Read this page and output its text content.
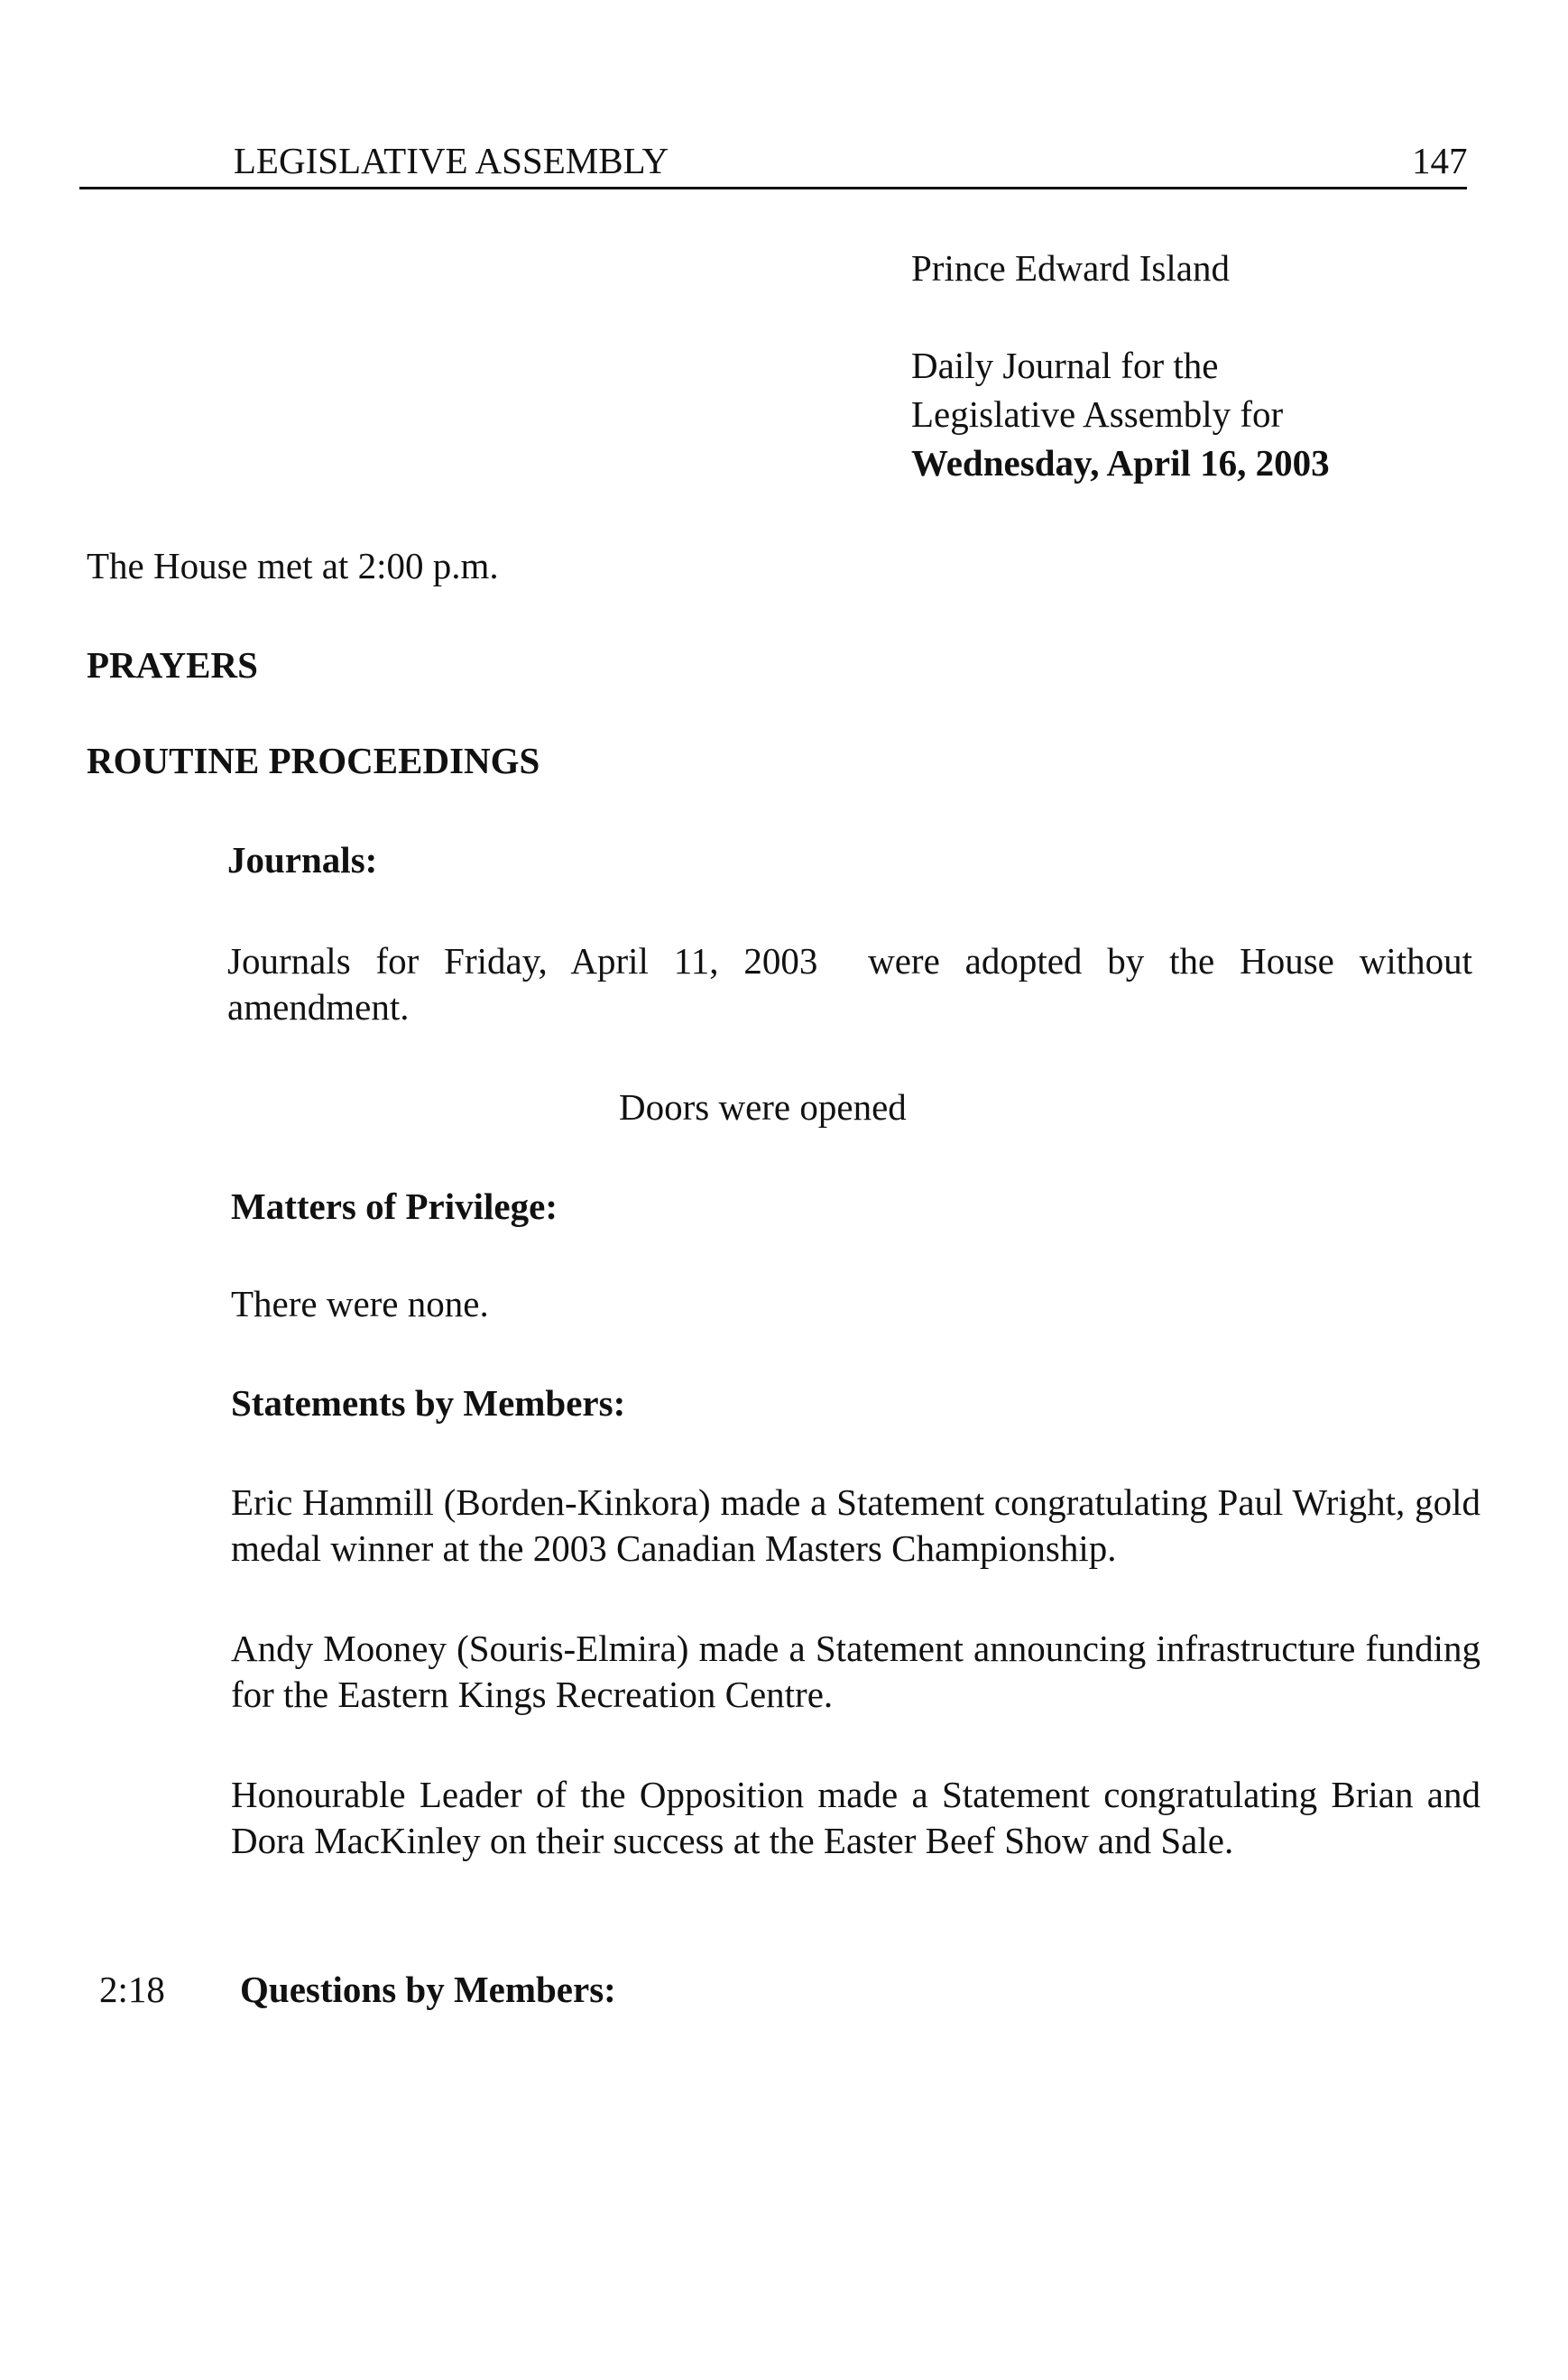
LEGISLATIVE ASSEMBLY	147
Prince Edward Island
Daily Journal for the
Legislative Assembly for
Wednesday, April 16, 2003
The House met at 2:00 p.m.
PRAYERS
ROUTINE PROCEEDINGS
Journals:

Journals for Friday, April 11, 2003  were adopted by the House without amendment.

Doors were opened
Matters of Privilege:
There were none.
Statements by Members:

Eric Hammill (Borden-Kinkora) made a Statement congratulating Paul Wright, gold medal winner at the 2003 Canadian Masters Championship.

Andy Mooney (Souris-Elmira) made a Statement announcing infrastructure funding for the Eastern Kings Recreation Centre.

Honourable Leader of the Opposition made a Statement congratulating Brian and Dora MacKinley on their success at the Easter Beef Show and Sale.

2:18 Questions by Members:
